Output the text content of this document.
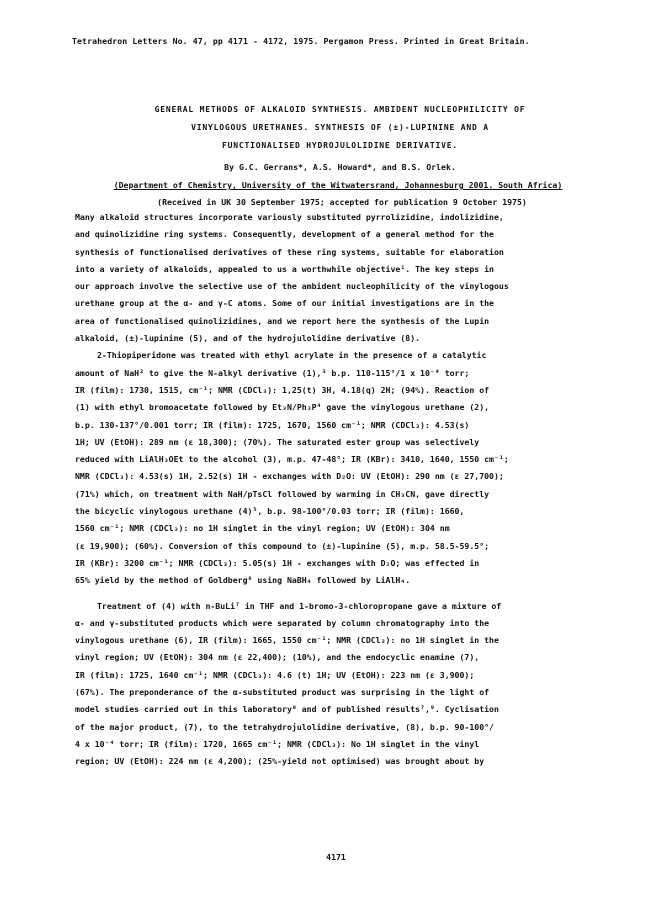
Tetrahedron Letters No. 47, pp 4171 - 4172, 1975. Pergamon Press. Printed in Great Britain.
GENERAL METHODS OF ALKALOID SYNTHESIS. AMBIDENT NUCLEOPHILICITY OF
VINYLOGOUS URETHANES. SYNTHESIS OF (±)-LUPININE AND A
FUNCTIONALISED HYDROJULOLIDINE DERIVATIVE.
By G.C. Gerrans*, A.S. Howard*, and B.S. Orlek.
(Department of Chemistry, University of the Witwatersrand, Johannesburg 2001. South Africa)
(Received in UK 30 September 1975; accepted for publication 9 October 1975)

Many alkaloid structures incorporate variously substituted pyrrolizidine, indolizidine,

and quinolizidine ring systems. Consequently, development of a general method for the

synthesis of functionalised derivatives of these ring systems, suitable for elaboration

into a variety of alkaloids, appealed to us a worthwhile objective¹. The key steps in

our approach involve the selective use of the ambident nucleophilicity of the vinylogous

urethane group at the α- and γ-C atoms. Some of our initial investigations are in the

area of functionalised quinolizidines, and we report here the synthesis of the Lupin

alkaloid, (±)-lupinine (5), and of the hydrojulolidine derivative (8).

2-Thiopiperidone was treated with ethyl acrylate in the presence of a catalytic

amount of NaH² to give the N-alkyl derivative (1),³ b.p. 110-115°/1 x 10⁻⁴ torr;

IR (film): 1730, 1515, cm⁻¹; NMR (CDCl₃): 1,25(t) 3H, 4.18(q) 2H; (94%). Reaction of

(1) with ethyl bromoacetate followed by Et₃N/Ph₃P⁴ gave the vinylogous urethane (2),

b.p. 130-137°/0.001 torr; IR (film): 1725, 1670, 1560 cm⁻¹; NMR (CDCl₃): 4.53(s)

1H; UV (EtOH): 289 nm (ε 18,300); (70%). The saturated ester group was selectively

reduced with LiAlH₃OEt to the alcohol (3), m.p. 47-48°; IR (KBr): 3410, 1640, 1550 cm⁻¹;

NMR (CDCl₃): 4.53(s) 1H, 2.52(s) 1H - exchanges with D₂O: UV (EtOH): 290 nm (ε 27,700);

(71%) which, on treatment with NaH/pTsCl followed by warming in CH₃CN, gave directly

the bicyclic vinylogous urethane (4)⁵, b.p. 98-100°/0.03 torr; IR (film): 1660,

1560 cm⁻¹; NMR (CDCl₃): no 1H singlet in the vinyl region; UV (EtOH): 304 nm

(ε 19,900); (60%). Conversion of this compound to (±)-lupinine (5), m.p. 58.5-59.5°;

IR (KBr): 3200 cm⁻¹; NMR (CDCl₃): 5.05(s) 1H - exchanges with D₂O; was effected in

65% yield by the method of Goldberg⁶ using NaBH₄ followed by LiAlH₄.

Treatment of (4) with n-BuLi⁷ in THF and 1-bromo-3-chloropropane gave a mixture of

α- and γ-substituted products which were separated by column chromatography into the

vinylogous urethane (6), IR (film): 1665, 1550 cm⁻¹; NMR (CDCl₃): no 1H singlet in the

vinyl region; UV (EtOH): 304 nm (ε 22,400); (10%), and the endocyclic enamine (7),

IR (film): 1725, 1640 cm⁻¹; NMR (CDCl₃): 4.6 (t) 1H; UV (EtOH): 223 nm (ε 3,900);

(67%). The preponderance of the α-substituted product was surprising in the light of

model studies carried out in this laboratory⁸ and of published results⁷,⁹. Cyclisation

of the major product, (7), to the tetrahydrojulolidine derivative, (8), b.p. 90-100°/

4 x 10⁻⁴ torr; IR (film): 1720, 1665 cm⁻¹; NMR (CDCl₃): No 1H singlet in the vinyl

region; UV (EtOH): 224 nm (ε 4,200); (25%-yield not optimised) was brought about by

4171
